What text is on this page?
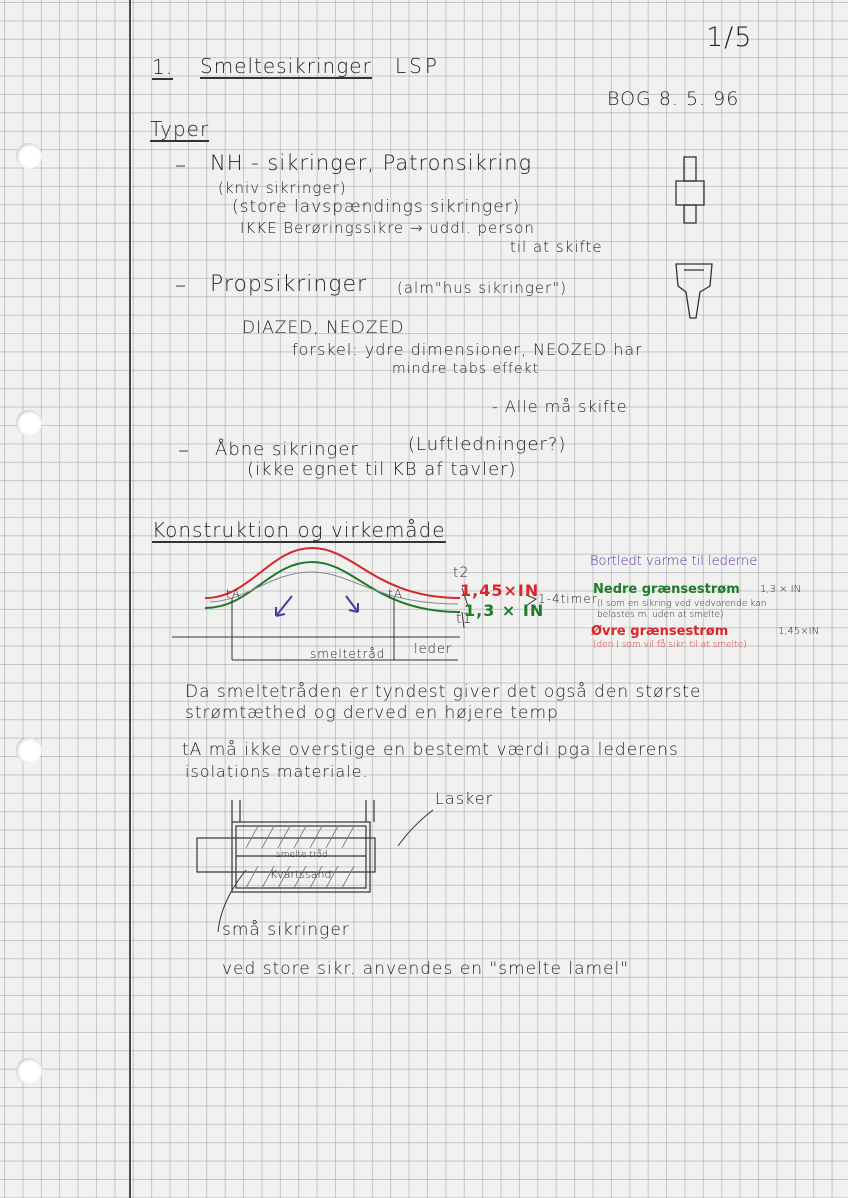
1/5
1. Smeltesikringer LSP
BOG 8. 5. 96
Typer
– NH - sikringer, Patronsikring
(kniv sikringer)
(store lavspændings sikringer)
IKKE Berøringssikre → uddl. person
til at skifte
– Propsikringer (alm"hus sikringer")
DIAZED, NEOZED
forskel: ydre dimensioner, NEOZED har
mindre tabs effekt
- Alle må skifte
– Åbne sikringer	(Luftledninger?)
(ikke egnet til KB af tavler)
Konstruktion og virkemåde
t2
t1
tA	tA	1,45×IN
1,3 × IN
1-4timer
smeltetråd leder
Bortledt varme til lederne
Nedre grænsestrøm 1,3 × IN
(I som en sikring ved vedvarende kan
belastes m. uden at smelte)
Øvre grænsestrøm	1,45×IN
(den I som vil få sikr. til at smelte)
Da smeltetråden er tyndest giver det også den største
strømtæthed og derved en højere temp
tA må ikke overstige en bestemt værdi pga lederens
isolations materiale.
Lasker
smelte tråd
Kvartssand
små sikringer
ved store sikr. anvendes en "smelte lamel"
